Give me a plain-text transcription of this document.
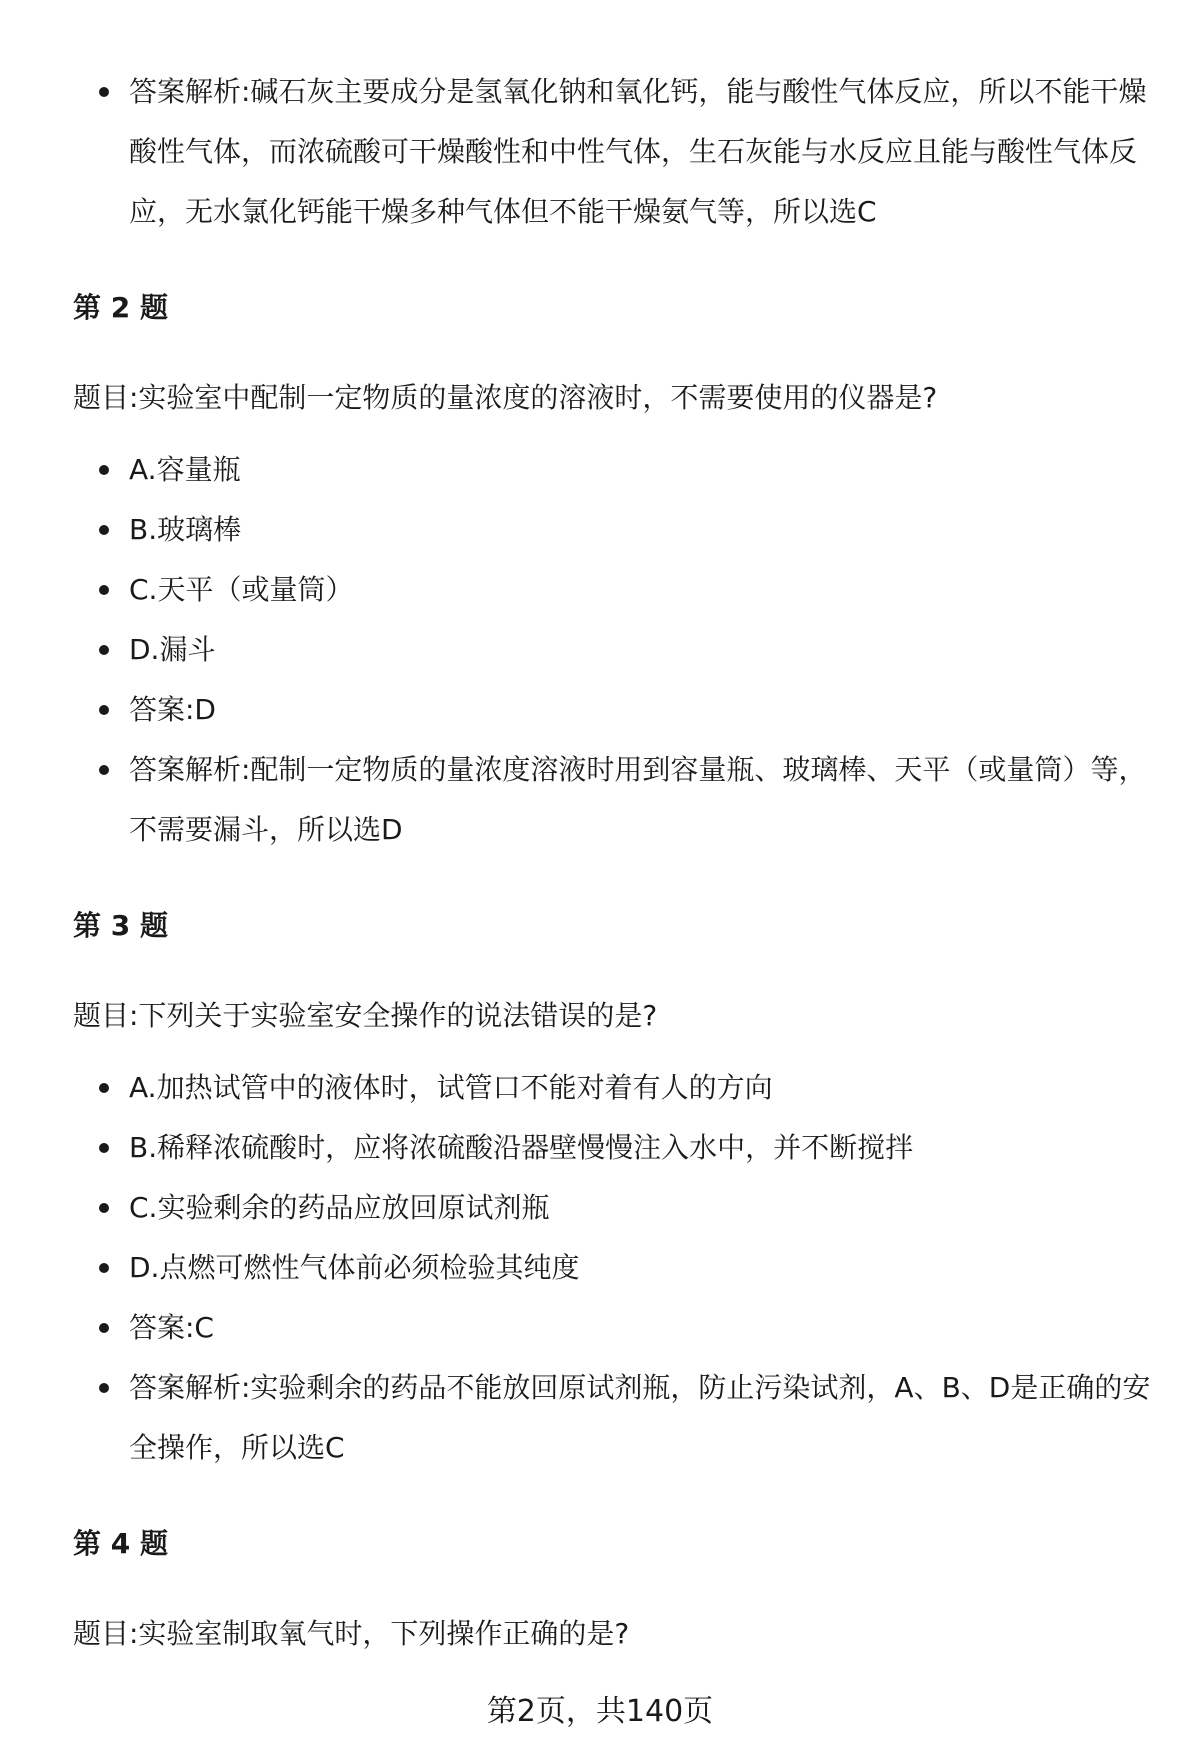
答案解析:碱石灰主要成分是氢氧化钠和氧化钙，能与酸性气体反应，所以不能干燥酸性气体，而浓硫酸可干燥酸性和中性气体，生石灰能与水反应且能与酸性气体反应，无水氯化钙能干燥多种气体但不能干燥氨气等，所以选C

第 2 题

题目:实验室中配制一定物质的量浓度的溶液时，不需要使用的仪器是?

A.容量瓶
B.玻璃棒
C.天平（或量筒）
D.漏斗
答案:D
答案解析:配制一定物质的量浓度溶液时用到容量瓶、玻璃棒、天平（或量筒）等，不需要漏斗，所以选D

第 3 题

题目:下列关于实验室安全操作的说法错误的是?

A.加热试管中的液体时，试管口不能对着有人的方向
B.稀释浓硫酸时，应将浓硫酸沿器壁慢慢注入水中，并不断搅拌
C.实验剩余的药品应放回原试剂瓶
D.点燃可燃性气体前必须检验其纯度
答案:C
答案解析:实验剩余的药品不能放回原试剂瓶，防止污染试剂，A、B、D是正确的安全操作，所以选C

第 4 题

题目:实验室制取氧气时，下列操作正确的是?

第2页，共140页
